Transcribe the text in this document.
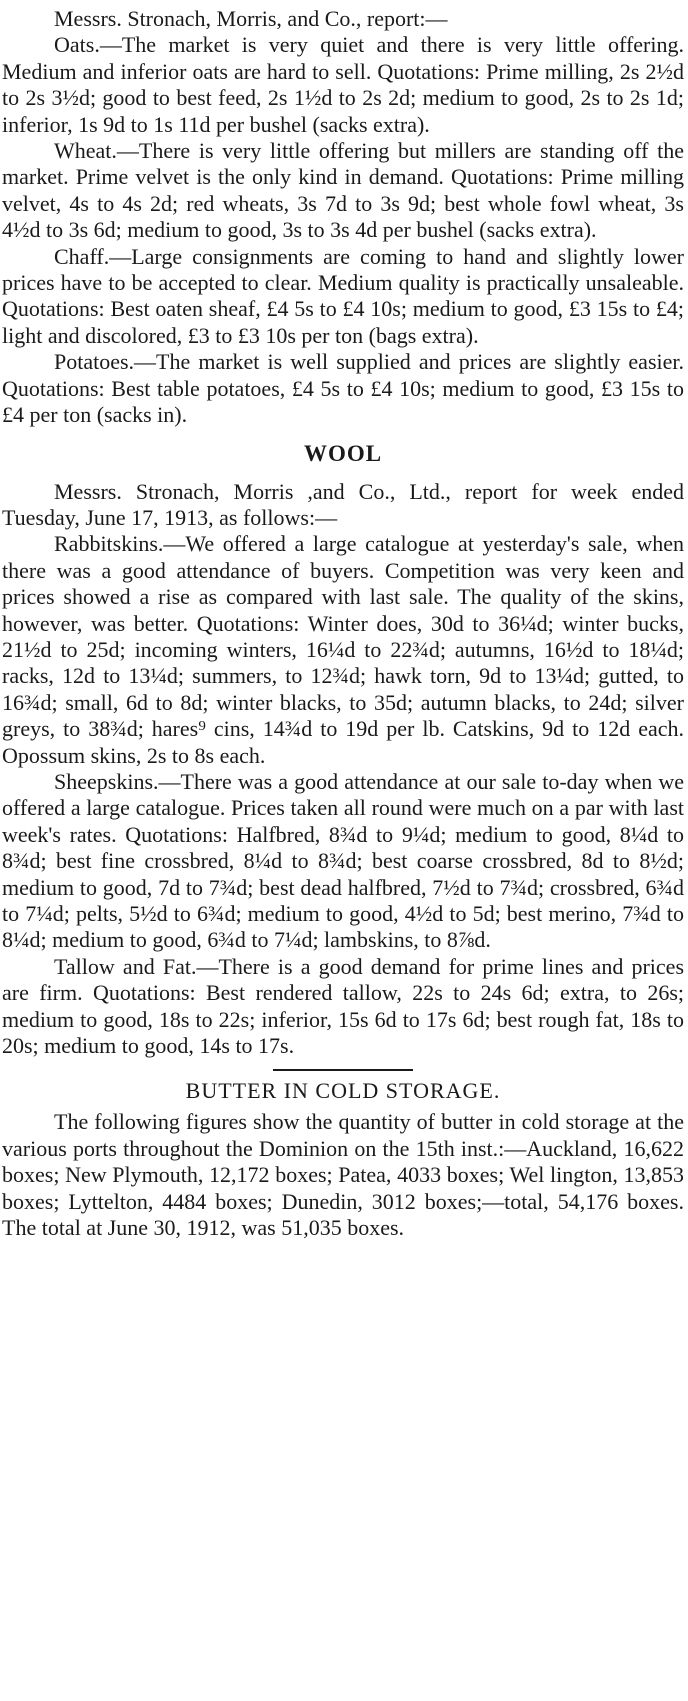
Messrs. Stronach, Morris, and Co., report:—

Oats.—The market is very quiet and there is very little offering. Medium and inferior oats are hard to sell. Quotations: Prime milling, 2s 2½d to 2s 3½d; good to best feed, 2s 1½d to 2s 2d; medium to good, 2s to 2s 1d; inferior, 1s 9d to 1s 11d per bushel (sacks extra).

Wheat.—There is very little offering but millers are standing off the market. Prime velvet is the only kind in demand. Quotations: Prime milling velvet, 4s to 4s 2d; red wheats, 3s 7d to 3s 9d; best whole fowl wheat, 3s 4½d to 3s 6d; medium to good, 3s to 3s 4d per bushel (sacks extra).

Chaff.—Large consignments are coming to hand and slightly lower prices have to be accepted to clear. Medium quality is practically unsaleable. Quotations: Best oaten sheaf, £4 5s to £4 10s; medium to good, £3 15s to £4; light and discolored, £3 to £3 10s per ton (bags extra).

Potatoes.—The market is well supplied and prices are slightly easier. Quotations: Best table potatoes, £4 5s to £4 10s; medium to good, £3 15s to £4 per ton (sacks in).

WOOL

Messrs. Stronach, Morris ,and Co., Ltd., report for week ended Tuesday, June 17, 1913, as follows:—

Rabbitskins.—We offered a large catalogue at yesterday's sale, when there was a good attendance of buyers. Competition was very keen and prices showed a rise as compared with last sale. The quality of the skins, however, was better. Quotations: Winter does, 30d to 36¼d; winter bucks, 21½d to 25d; incoming winters, 16¼d to 22¾d; autumns, 16½d to 18¼d; racks, 12d to 13¼d; summers, to 12¾d; hawk torn, 9d to 13¼d; gutted, to 16¾d; small, 6d to 8d; winter blacks, to 35d; autumn blacks, to 24d; silver greys, to 38¾d; hares⁹ cins, 14¾d to 19d per lb. Catskins, 9d to 12d each. Opossum skins, 2s to 8s each.

Sheepskins.—There was a good attendance at our sale to-day when we offered a large catalogue. Prices taken all round were much on a par with last week's rates. Quotations: Halfbred, 8¾d to 9¼d; medium to good, 8¼d to 8¾d; best fine crossbred, 8¼d to 8¾d; best coarse crossbred, 8d to 8½d; medium to good, 7d to 7¾d; best dead halfbred, 7½d to 7¾d; crossbred, 6¾d to 7¼d; pelts, 5½d to 6¾d; medium to good, 4½d to 5d; best merino, 7¾d to 8¼d; medium to good, 6¾d to 7¼d; lambskins, to 8⅞d.

Tallow and Fat.—There is a good demand for prime lines and prices are firm. Quotations: Best rendered tallow, 22s to 24s 6d; extra, to 26s; medium to good, 18s to 22s; inferior, 15s 6d to 17s 6d; best rough fat, 18s to 20s; medium to good, 14s to 17s.

BUTTER IN COLD STORAGE.

The following figures show the quantity of butter in cold storage at the various ports throughout the Dominion on the 15th inst.:—Auckland, 16,622 boxes; New Plymouth, 12,172 boxes; Patea, 4033 boxes; Wel lington, 13,853 boxes; Lyttelton, 4484 boxes; Dunedin, 3012 boxes;—total, 54,176 boxes. The total at June 30, 1912, was 51,035 boxes.
